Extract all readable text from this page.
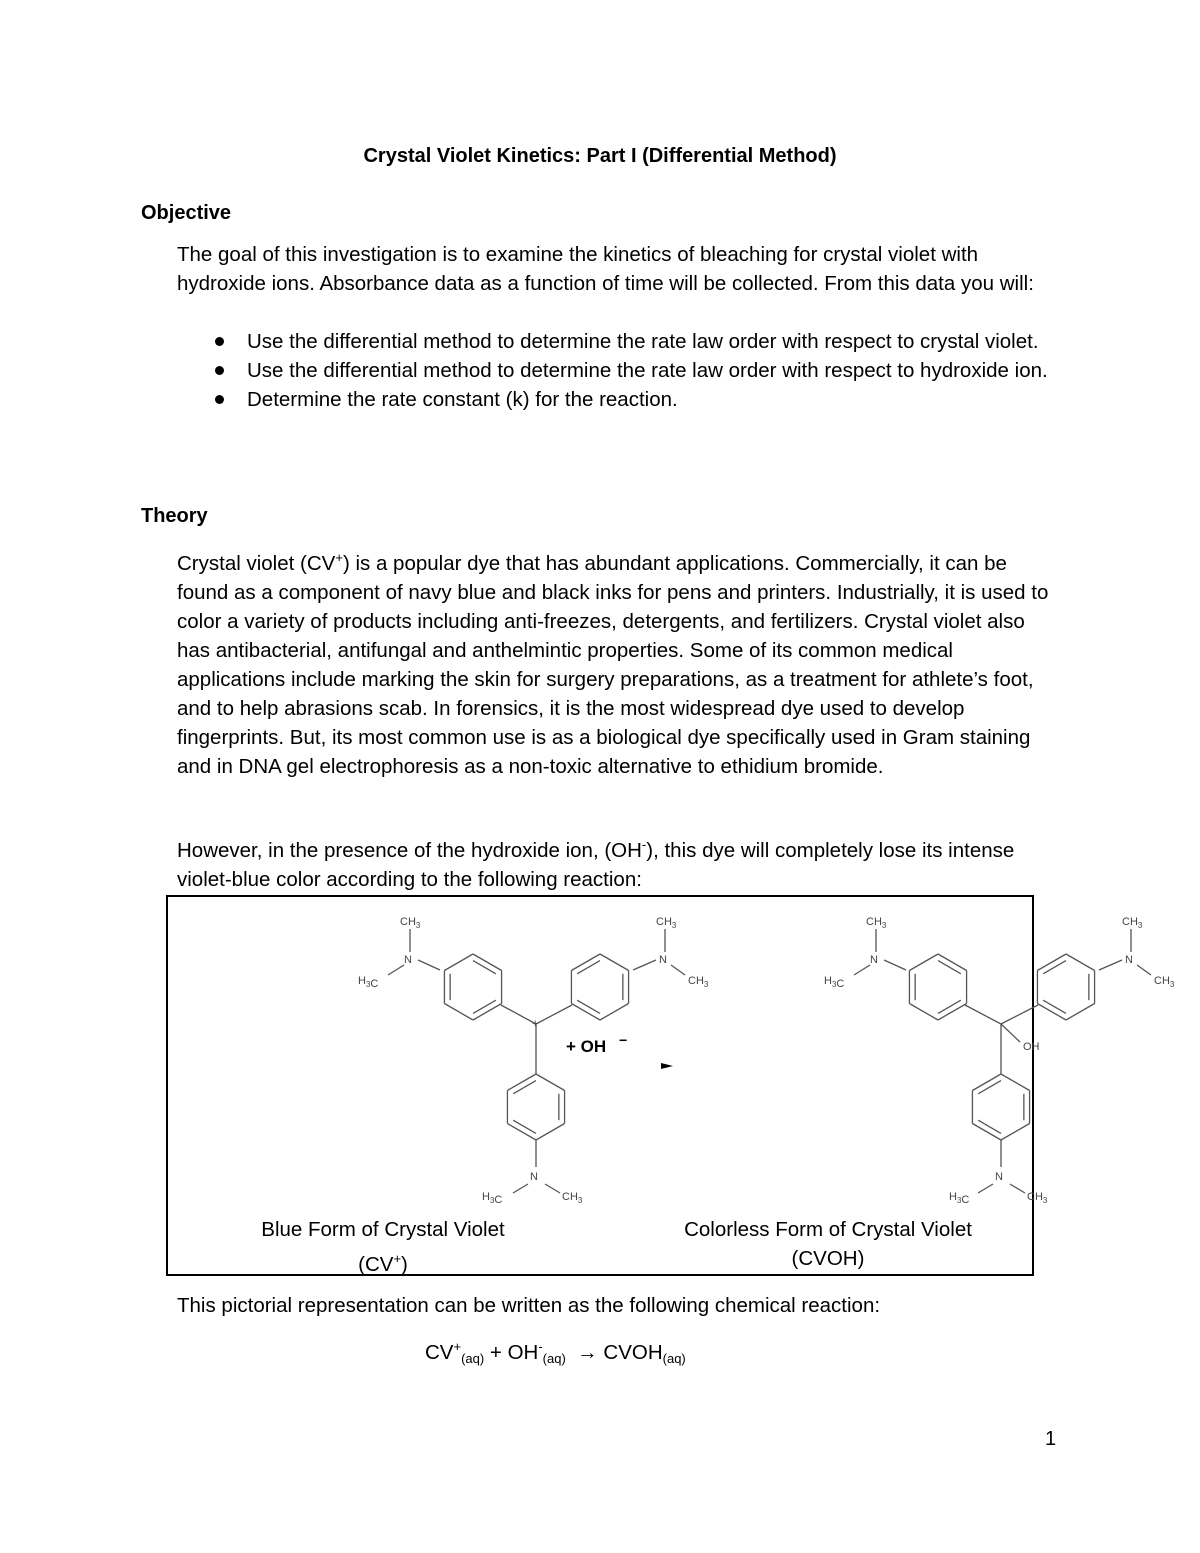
Crystal Violet Kinetics: Part I (Differential Method)
Objective
The goal of this investigation is to examine the kinetics of bleaching for crystal violet with hydroxide ions. Absorbance data as a function of time will be collected. From this data you will:
Use the differential method to determine the rate law order with respect to crystal violet.
Use the differential method to determine the rate law order with respect to hydroxide ion.
Determine the rate constant (k) for the reaction.
Theory
Crystal violet (CV+) is a popular dye that has abundant applications. Commercially, it can be found as a component of navy blue and black inks for pens and printers. Industrially, it is used to color a variety of products including anti-freezes, detergents, and fertilizers. Crystal violet also has antibacterial, antifungal and anthelmintic properties. Some of its common medical applications include marking the skin for surgery preparations, as a treatment for athlete’s foot, and to help abrasions scab. In forensics, it is the most widespread dye used to develop fingerprints. But, its most common use is as a biological dye specifically used in Gram staining and in DNA gel electrophoresis as a non-toxic alternative to ethidium bromide.
However, in the presence of the hydroxide ion, (OH-), this dye will completely lose its intense violet-blue color according to the following reaction:
N
$CH_3$
$H_3C$
N
$CH_3$
$CH_3$
N
$H_3C$	$CH_3$
+
OH
N
$CH_3$
$H_3C$
N
$CH_3$
$CH_3$
N
$H_3C$	$CH_3$
+ OH −
Blue Form of Crystal Violet
(CV+)
Colorless Form of Crystal Violet
(CVOH)
This pictorial representation can be written as the following chemical reaction:
$CV^+_{(aq)} + OH^-_{(aq)}$ → $CVOH_{(aq)}$
1
